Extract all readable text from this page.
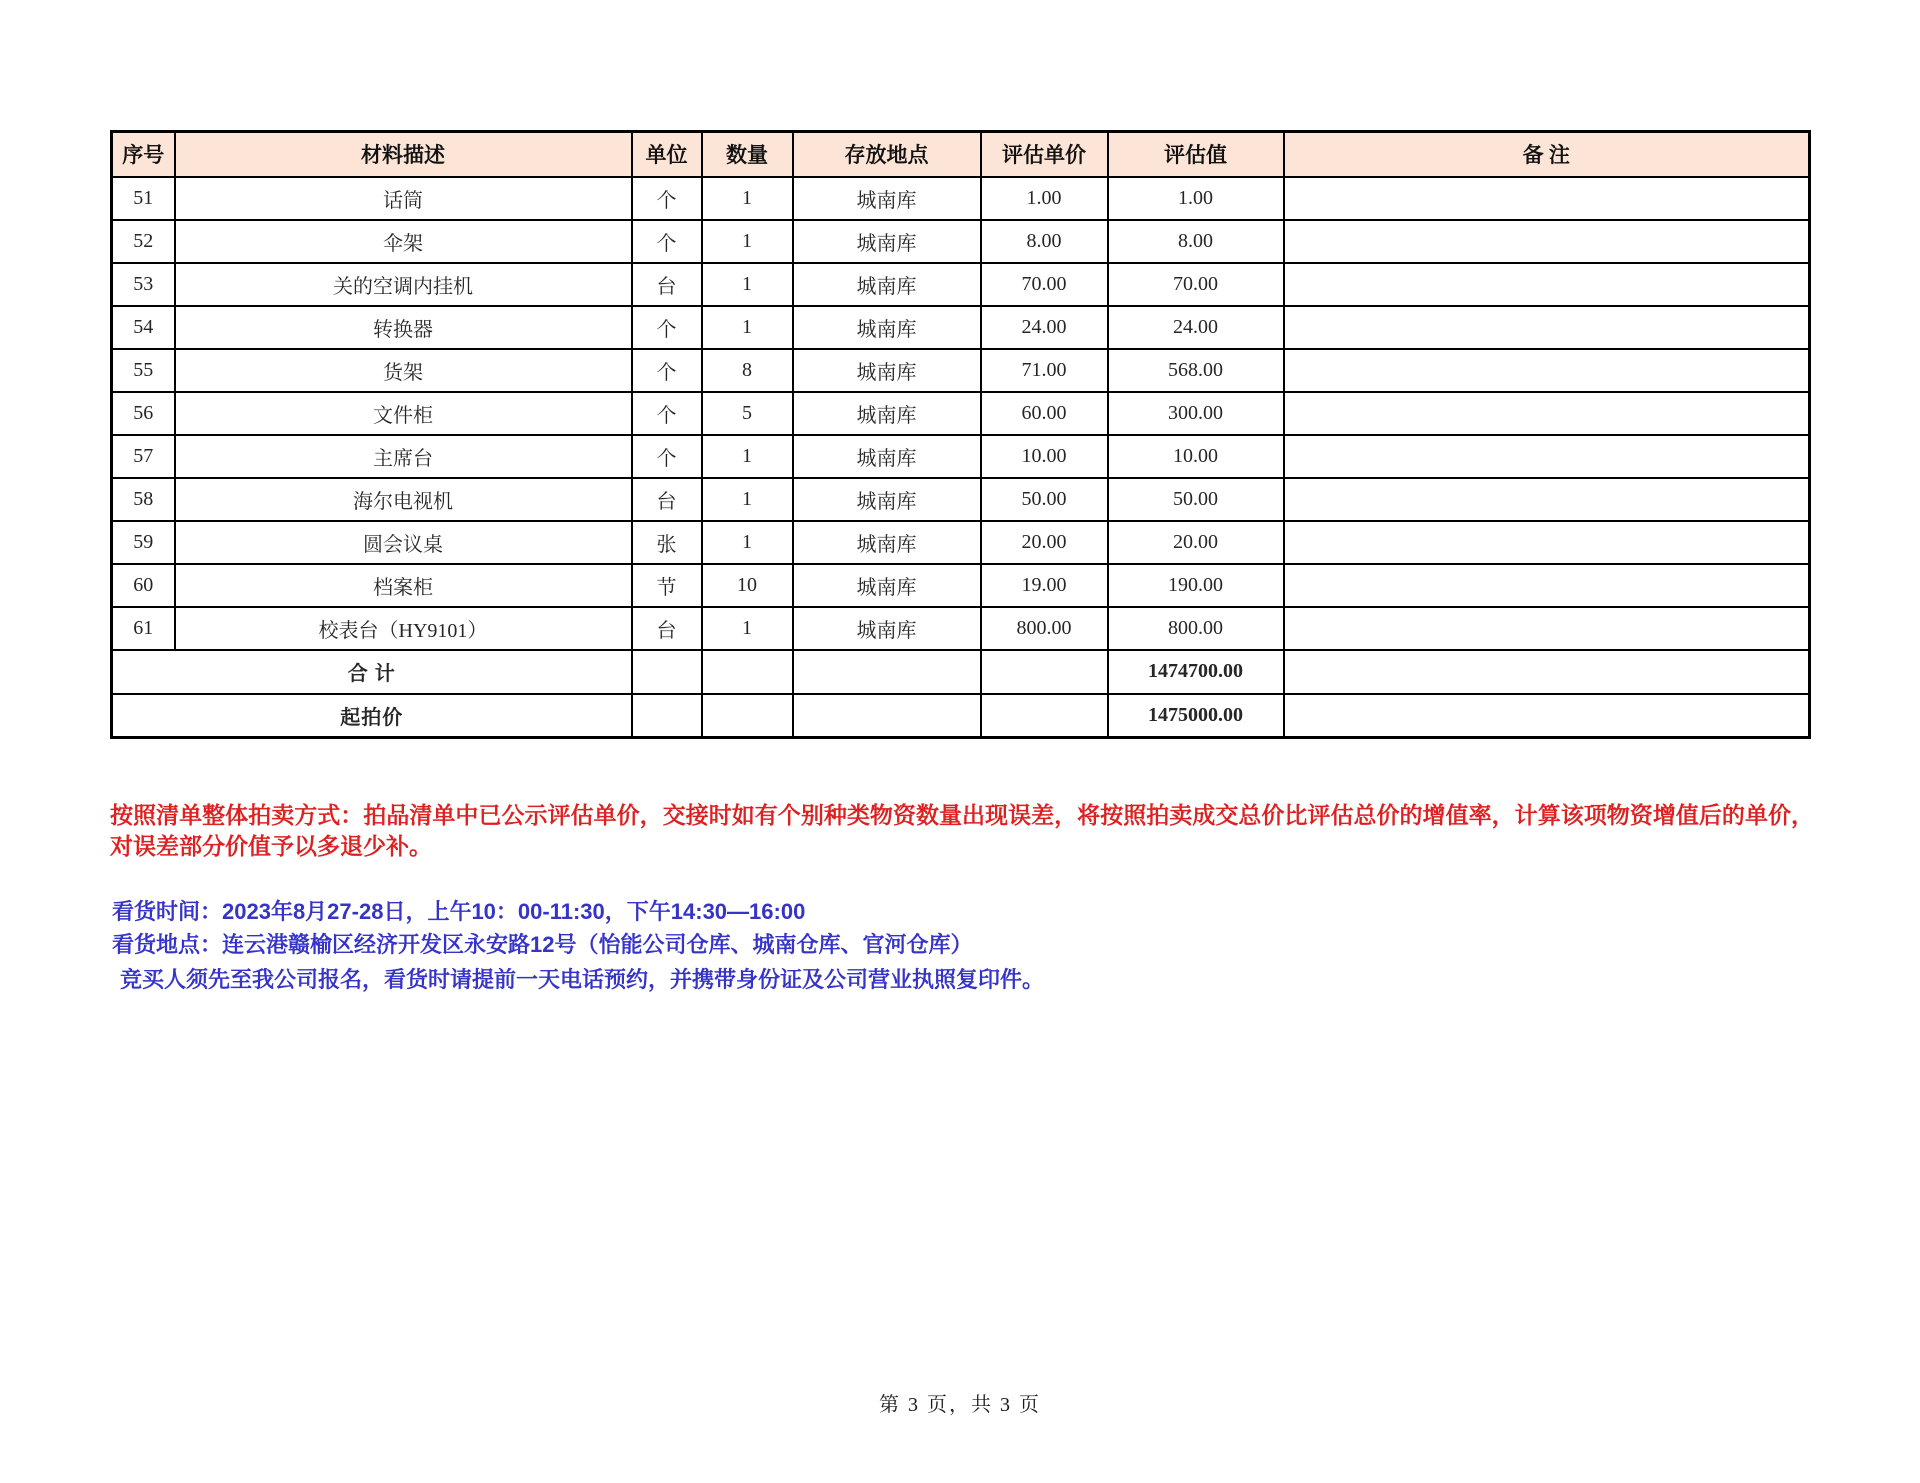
序号	材料描述	单位	数量	存放地点	评估单价	评估值	备 注
51	话筒	个	1	城南库	1.00	1.00	
52	伞架	个	1	城南库	8.00	8.00	
53	关的空调内挂机	台	1	城南库	70.00	70.00	
54	转换器	个	1	城南库	24.00	24.00	
55	货架	个	8	城南库	71.00	568.00	
56	文件柜	个	5	城南库	60.00	300.00	
57	主席台	个	1	城南库	10.00	10.00	
58	海尔电视机	台	1	城南库	50.00	50.00	
59	圆会议桌	张	1	城南库	20.00	20.00	
60	档案柜	节	10	城南库	19.00	190.00	
61	校表台（HY9101）	台	1	城南库	800.00	800.00	
合 计						1474700.00	
起拍价						1475000.00	
按照清单整体拍卖方式：拍品清单中已公示评估单价，交接时如有个别种类物资数量出现误差，将按照拍卖成交总价比评估总价的增值率，计算该项物资增值后的单价，对误差部分价值予以多退少补。
看货时间：2023年8月27-28日，上午10：00-11:30，下午14:30—16:00
看货地点：连云港赣榆区经济开发区永安路12号（怡能公司仓库、城南仓库、官河仓库）
竞买人须先至我公司报名，看货时请提前一天电话预约，并携带身份证及公司营业执照复印件。
第 3 页，共 3 页
